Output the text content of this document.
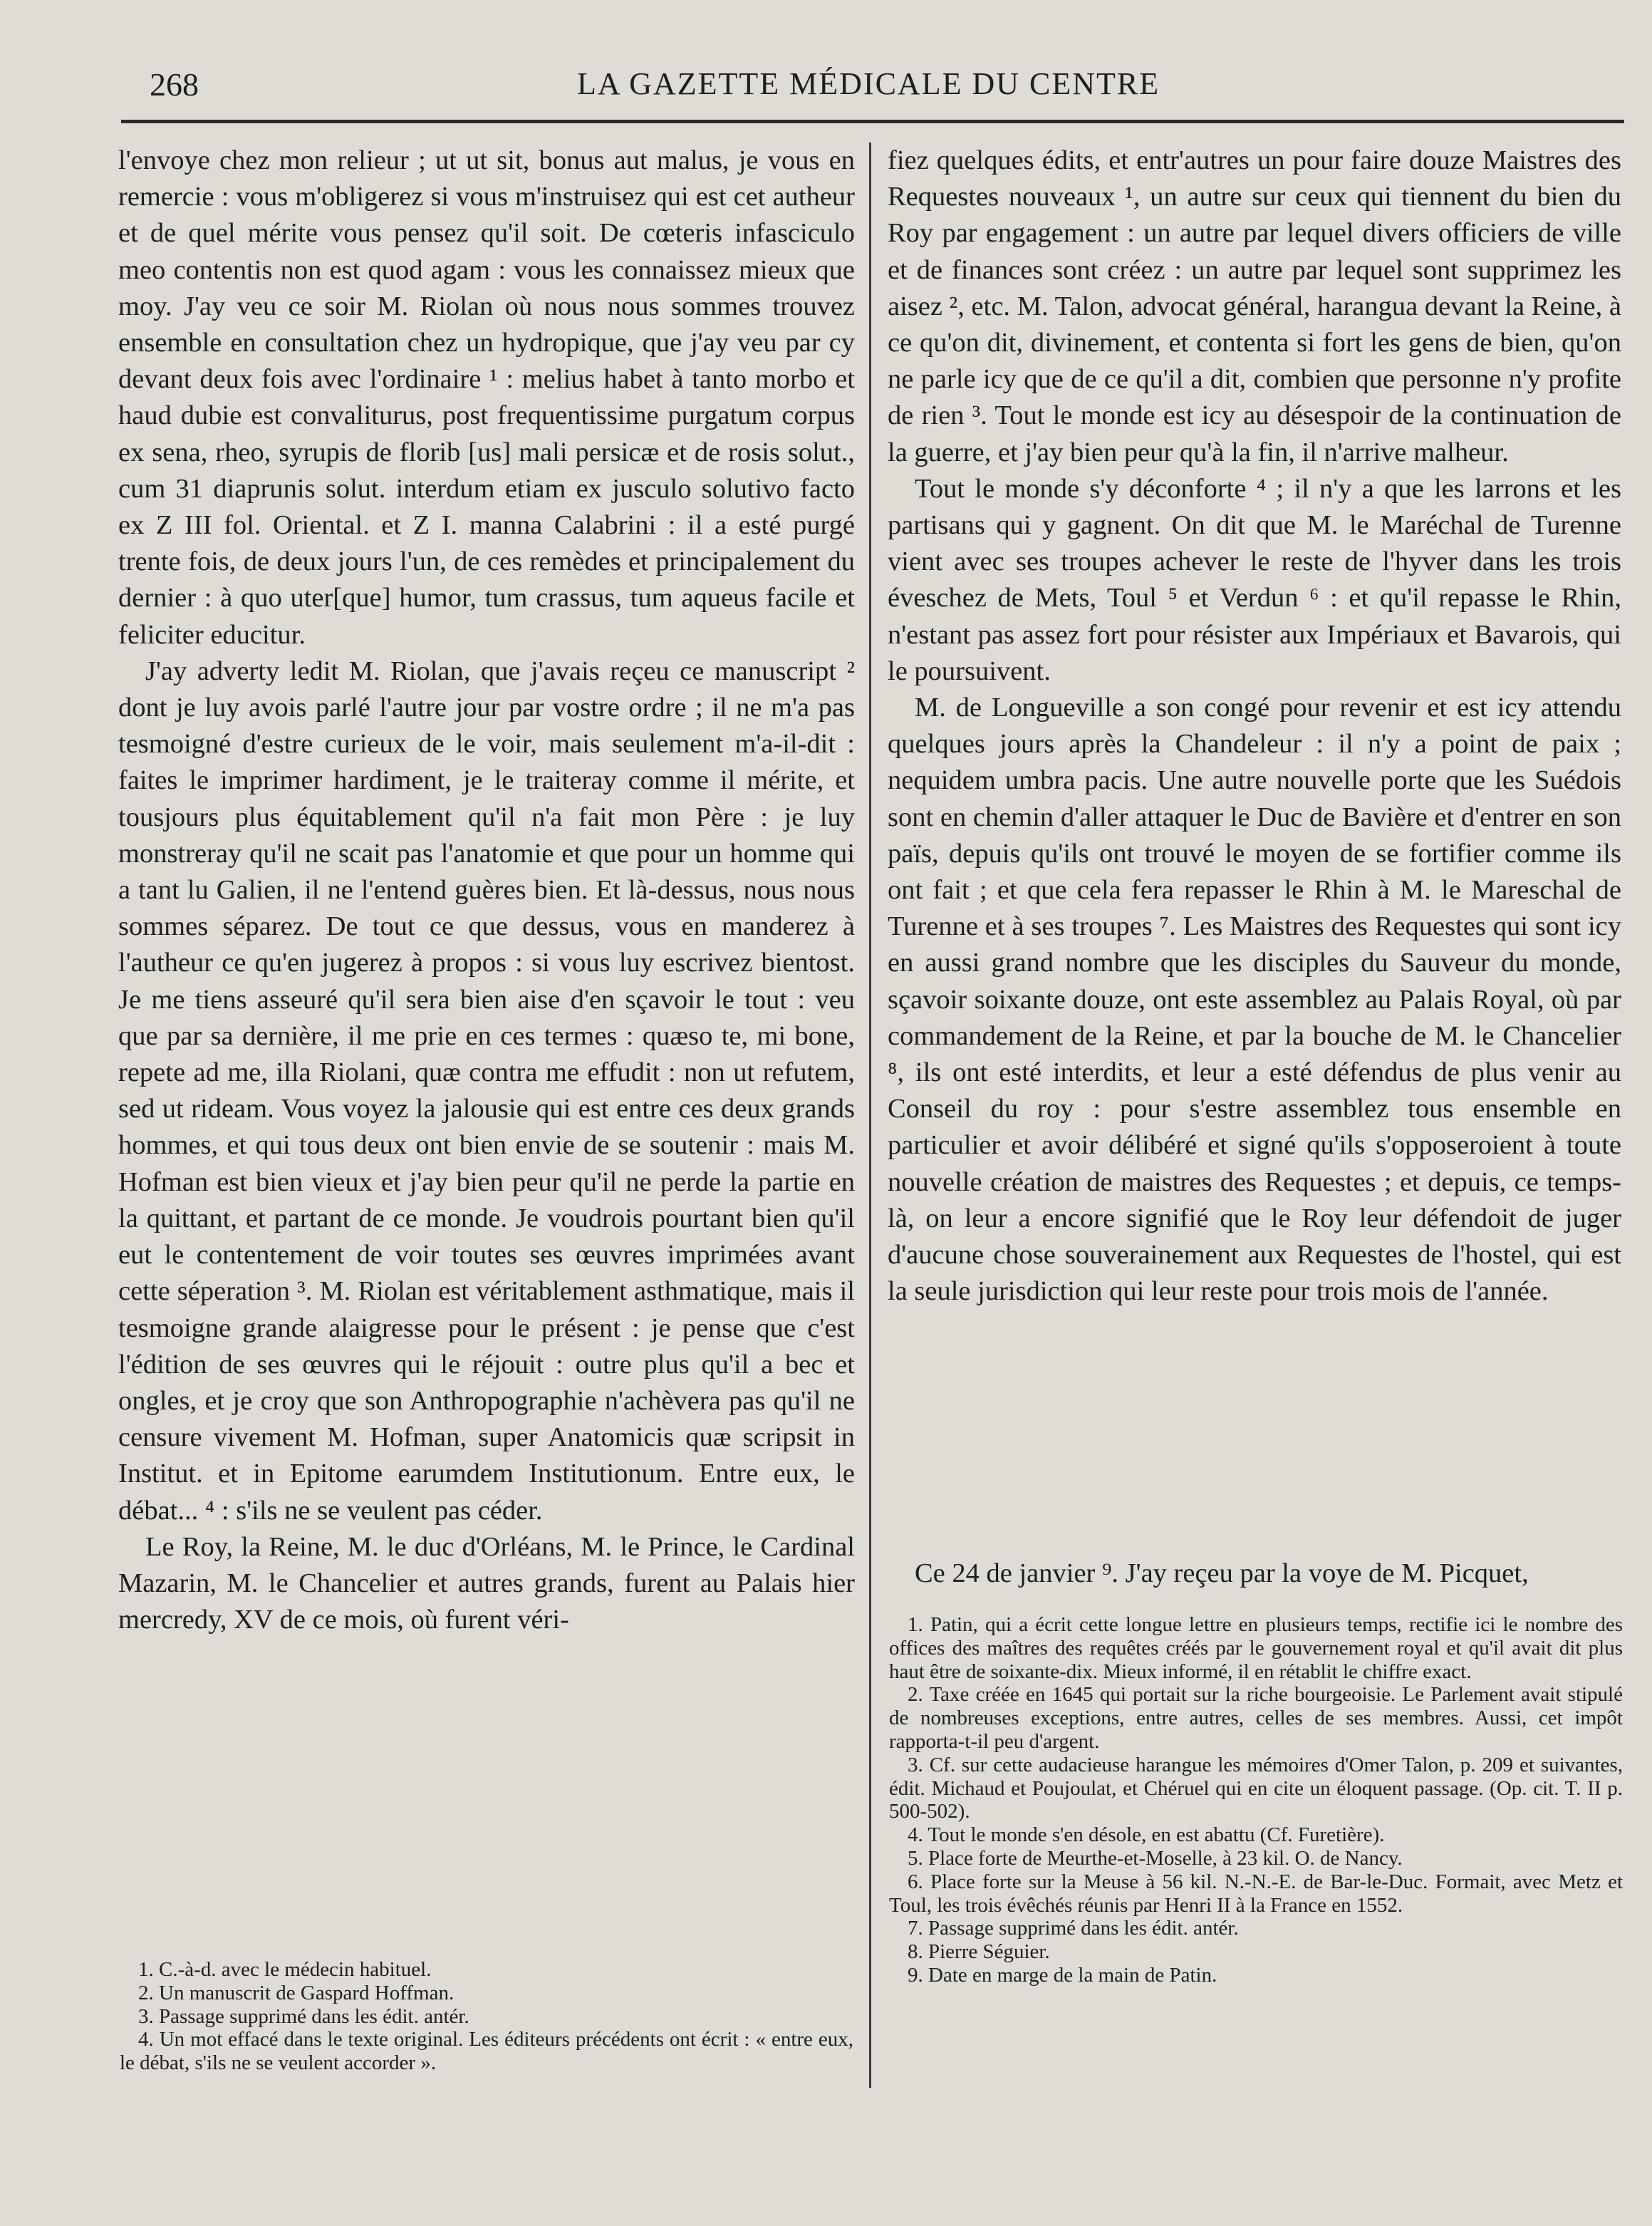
268	LA GAZETTE MÉDICALE DU CENTRE

l'envoye chez mon relieur ; ut ut sit, bonus aut malus, je vous en remercie : vous m'obligerez si vous m'instruisez qui est cet autheur et de quel mérite vous pensez qu'il soit. De cœteris infasciculo meo contentis non est quod agam : vous les connaissez mieux que moy. J'ay veu ce soir M. Riolan où nous nous sommes trouvez ensemble en consultation chez un hydropique, que j'ay veu par cy devant deux fois avec l'ordinaire ¹ : melius habet à tanto morbo et haud dubie est convaliturus, post frequentissime purgatum corpus ex sena, rheo, syrupis de florib [us] mali persicæ et de rosis solut., cum 31 diaprunis solut. interdum etiam ex jusculo solutivo facto ex Z III fol. Oriental. et Z I. manna Calabrini : il a esté purgé trente fois, de deux jours l'un, de ces remèdes et principalement du dernier : à quo uter[que] humor, tum crassus, tum aqueus facile et feliciter educitur.

J'ay adverty ledit M. Riolan, que j'avais reçeu ce manuscript ² dont je luy avois parlé l'autre jour par vostre ordre ; il ne m'a pas tesmoigné d'estre curieux de le voir, mais seulement m'a-il-dit : faites le imprimer hardiment, je le traiteray comme il mérite, et tousjours plus équitablement qu'il n'a fait mon Père : je luy monstreray qu'il ne scait pas l'anatomie et que pour un homme qui a tant lu Galien, il ne l'entend guères bien. Et là-dessus, nous nous sommes séparez. De tout ce que dessus, vous en manderez à l'autheur ce qu'en jugerez à propos : si vous luy escrivez bientost. Je me tiens asseuré qu'il sera bien aise d'en sçavoir le tout : veu que par sa dernière, il me prie en ces termes : quæso te, mi bone, repete ad me, illa Riolani, quæ contra me effudit : non ut refutem, sed ut rideam. Vous voyez la jalousie qui est entre ces deux grands hommes, et qui tous deux ont bien envie de se soutenir : mais M. Hofman est bien vieux et j'ay bien peur qu'il ne perde la partie en la quittant, et partant de ce monde. Je voudrois pourtant bien qu'il eut le contentement de voir toutes ses œuvres imprimées avant cette séperation ³. M. Riolan est véritablement asthmatique, mais il tesmoigne grande alaigresse pour le présent : je pense que c'est l'édition de ses œuvres qui le réjouit : outre plus qu'il a bec et ongles, et je croy que son Anthropographie n'achèvera pas qu'il ne censure vivement M. Hofman, super Anatomicis quæ scripsit in Institut. et in Epitome earumdem Institutionum. Entre eux, le débat... ⁴ : s'ils ne se veulent pas céder.

Le Roy, la Reine, M. le duc d'Orléans, M. le Prince, le Cardinal Mazarin, M. le Chancelier et autres grands, furent au Palais hier mercredy, XV de ce mois, où furent véri-

fiez quelques édits, et entr'autres un pour faire douze Maistres des Requestes nouveaux ¹, un autre sur ceux qui tiennent du bien du Roy par engagement : un autre par lequel divers officiers de ville et de finances sont créez : un autre par lequel sont supprimez les aisez ², etc. M. Talon, advocat général, harangua devant la Reine, à ce qu'on dit, divinement, et contenta si fort les gens de bien, qu'on ne parle icy que de ce qu'il a dit, combien que personne n'y profite de rien ³. Tout le monde est icy au désespoir de la continuation de la guerre, et j'ay bien peur qu'à la fin, il n'arrive malheur.

Tout le monde s'y déconforte ⁴ ; il n'y a que les larrons et les partisans qui y gagnent. On dit que M. le Maréchal de Turenne vient avec ses troupes achever le reste de l'hyver dans les trois éveschez de Mets, Toul ⁵ et Verdun ⁶ : et qu'il repasse le Rhin, n'estant pas assez fort pour résister aux Impériaux et Bavarois, qui le poursuivent.

M. de Longueville a son congé pour revenir et est icy attendu quelques jours après la Chandeleur : il n'y a point de paix ; nequidem umbra pacis. Une autre nouvelle porte que les Suédois sont en chemin d'aller attaquer le Duc de Bavière et d'entrer en son païs, depuis qu'ils ont trouvé le moyen de se fortifier comme ils ont fait ; et que cela fera repasser le Rhin à M. le Mareschal de Turenne et à ses troupes ⁷. Les Maistres des Requestes qui sont icy en aussi grand nombre que les disciples du Sauveur du monde, sçavoir soixante douze, ont este assemblez au Palais Royal, où par commandement de la Reine, et par la bouche de M. le Chancelier ⁸, ils ont esté interdits, et leur a esté défendus de plus venir au Conseil du roy : pour s'estre assemblez tous ensemble en particulier et avoir délibéré et signé qu'ils s'opposeroient à toute nouvelle création de maistres des Requestes ; et depuis, ce temps-là, on leur a encore signifié que le Roy leur défendoit de juger d'aucune chose souverainement aux Requestes de l'hostel, qui est la seule jurisdiction qui leur reste pour trois mois de l'année.

Ce 24 de janvier ⁹. J'ay reçeu par la voye de M. Picquet,

1. C.-à-d. avec le médecin habituel.

2. Un manuscrit de Gaspard Hoffman.

3. Passage supprimé dans les édit. antér.

4. Un mot effacé dans le texte original. Les éditeurs précédents ont écrit : « entre eux, le débat, s'ils ne se veulent accorder ».

1. Patin, qui a écrit cette longue lettre en plusieurs temps, rectifie ici le nombre des offices des maîtres des requêtes créés par le gouvernement royal et qu'il avait dit plus haut être de soixante-dix. Mieux informé, il en rétablit le chiffre exact.

2. Taxe créée en 1645 qui portait sur la riche bourgeoisie. Le Parlement avait stipulé de nombreuses exceptions, entre autres, celles de ses membres. Aussi, cet impôt rapporta-t-il peu d'argent.

3. Cf. sur cette audacieuse harangue les mémoires d'Omer Talon, p. 209 et suivantes, édit. Michaud et Poujoulat, et Chéruel qui en cite un éloquent passage. (Op. cit. T. II p. 500-502).

4. Tout le monde s'en désole, en est abattu (Cf. Furetière).

5. Place forte de Meurthe-et-Moselle, à 23 kil. O. de Nancy.

6. Place forte sur la Meuse à 56 kil. N.-N.-E. de Bar-le-Duc. Formait, avec Metz et Toul, les trois évêchés réunis par Henri II à la France en 1552.

7. Passage supprimé dans les édit. antér.

8. Pierre Séguier.

9. Date en marge de la main de Patin.
